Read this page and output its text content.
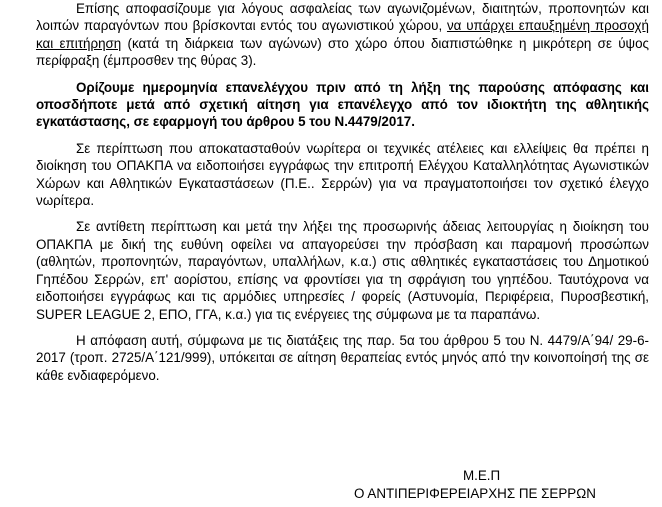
Επίσης αποφασίζουμε για λόγους ασφαλείας των αγωνιζομένων, διαιτητών, προπονητών και λοιπών παραγόντων που βρίσκονται εντός του αγωνιστικού χώρου, να υπάρχει επαυξημένη προσοχή και επιτήρηση (κατά τη διάρκεια των αγώνων) στο χώρο όπου διαπιστώθηκε η μικρότερη σε ύψος περίφραξη (έμπροσθεν της θύρας 3).

Ορίζουμε ημερομηνία επανελέγχου πριν από τη λήξη της παρούσης απόφασης και οποσδήποτε μετά από σχετική αίτηση για επανέλεγχο από τον ιδιοκτήτη της αθλητικής εγκατάστασης, σε εφαρμογή του άρθρου 5 του Ν.4479/2017.

Σε περίπτωση που αποκατασταθούν νωρίτερα οι τεχνικές ατέλειες και ελλείψεις θα πρέπει η διοίκηση του ΟΠΑΚΠΑ να ειδοποιήσει εγγράφως την επιτροπή Ελέγχου Καταλληλότητας Αγωνιστικών Χώρων και Αθλητικών Εγκαταστάσεων (Π.Ε.. Σερρών) για να πραγματοποιήσει τον σχετικό έλεγχο νωρίτερα.

Σε αντίθετη περίπτωση και μετά την λήξει της προσωρινής άδειας λειτουργίας η διοίκηση του ΟΠΑΚΠΑ με δική της ευθύνη οφείλει να απαγορεύσει την πρόσβαση και παραμονή προσώπων (αθλητών, προπονητών, παραγόντων, υπαλλήλων, κ.α.) στις αθλητικές εγκαταστάσεις του Δημοτικού Γηπέδου Σερρών, επ' αορίστου, επίσης να φροντίσει για τη σφράγιση του γηπέδου. Ταυτόχρονα να ειδοποιήσει εγγράφως και τις αρμόδιες υπηρεσίες / φορείς (Αστυνομία, Περιφέρεια, Πυροσβεστική, SUPER LEAGUE 2, ΕΠΟ, ΓΓΑ, κ.α.) για τις ενέργειες της σύμφωνα με τα παραπάνω.

Η απόφαση αυτή, σύμφωνα με τις διατάξεις της παρ. 5α του άρθρου 5 του Ν. 4479/Α΄94/ 29-6-2017 (τροπ. 2725/Α΄121/999), υπόκειται σε αίτηση θεραπείας εντός μηνός από την κοινοποίησή της σε κάθε ενδιαφερόμενο.

Μ.Ε.Π
Ο ΑΝΤΙΠΕΡΙΦΕΡΕΙΑΡΧΗΣ ΠΕ ΣΕΡΡΩΝ
